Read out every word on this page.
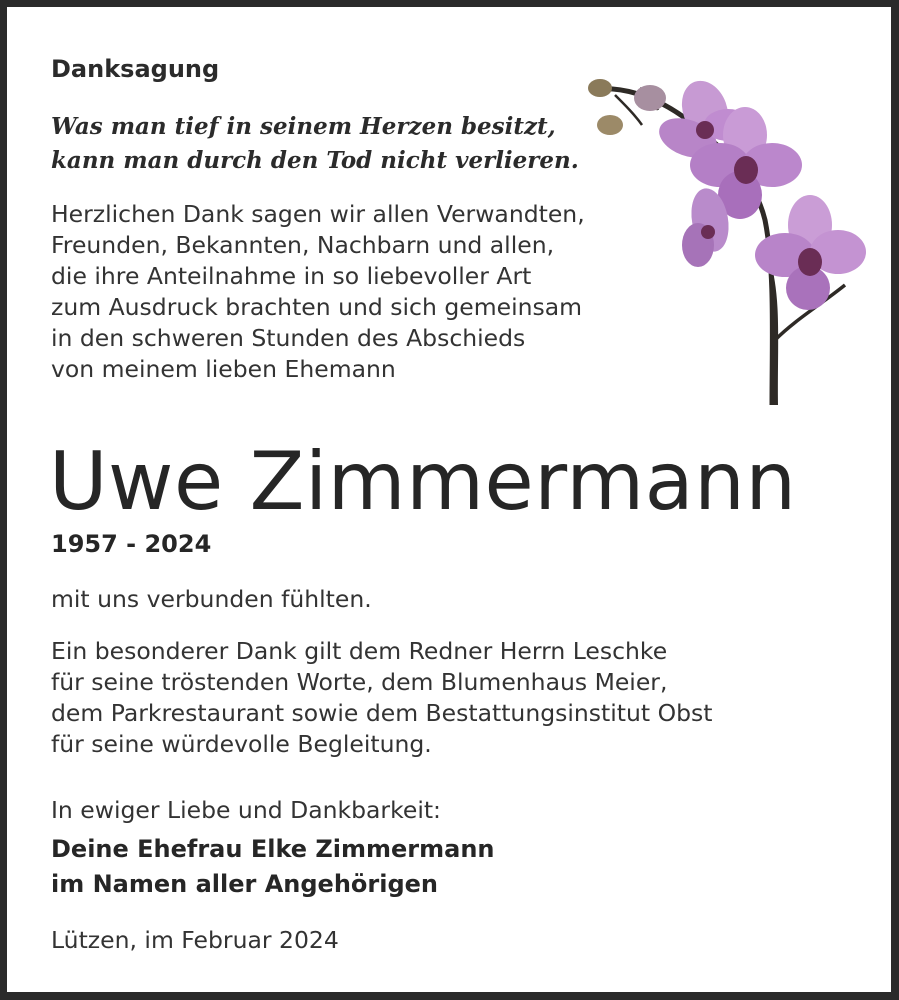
Danksagung
Was man tief in seinem Herzen besitzt,
kann man durch den Tod nicht verlieren.
Herzlichen Dank sagen wir allen Verwandten,
Freunden, Bekannten, Nachbarn und allen,
die ihre Anteilnahme in so liebevoller Art
zum Ausdruck brachten und sich gemeinsam
in den schweren Stunden des Abschieds
von meinem lieben Ehemann
Uwe Zimmermann
1957 - 2024
mit uns verbunden fühlten.
Ein besonderer Dank gilt dem Redner Herrn Leschke
für seine tröstenden Worte, dem Blumenhaus Meier,
dem Parkrestaurant sowie dem Bestattungsinstitut Obst
für seine würdevolle Begleitung.
In ewiger Liebe und Dankbarkeit:
Deine Ehefrau Elke Zimmermann
im Namen aller Angehörigen
Lützen, im Februar 2024
